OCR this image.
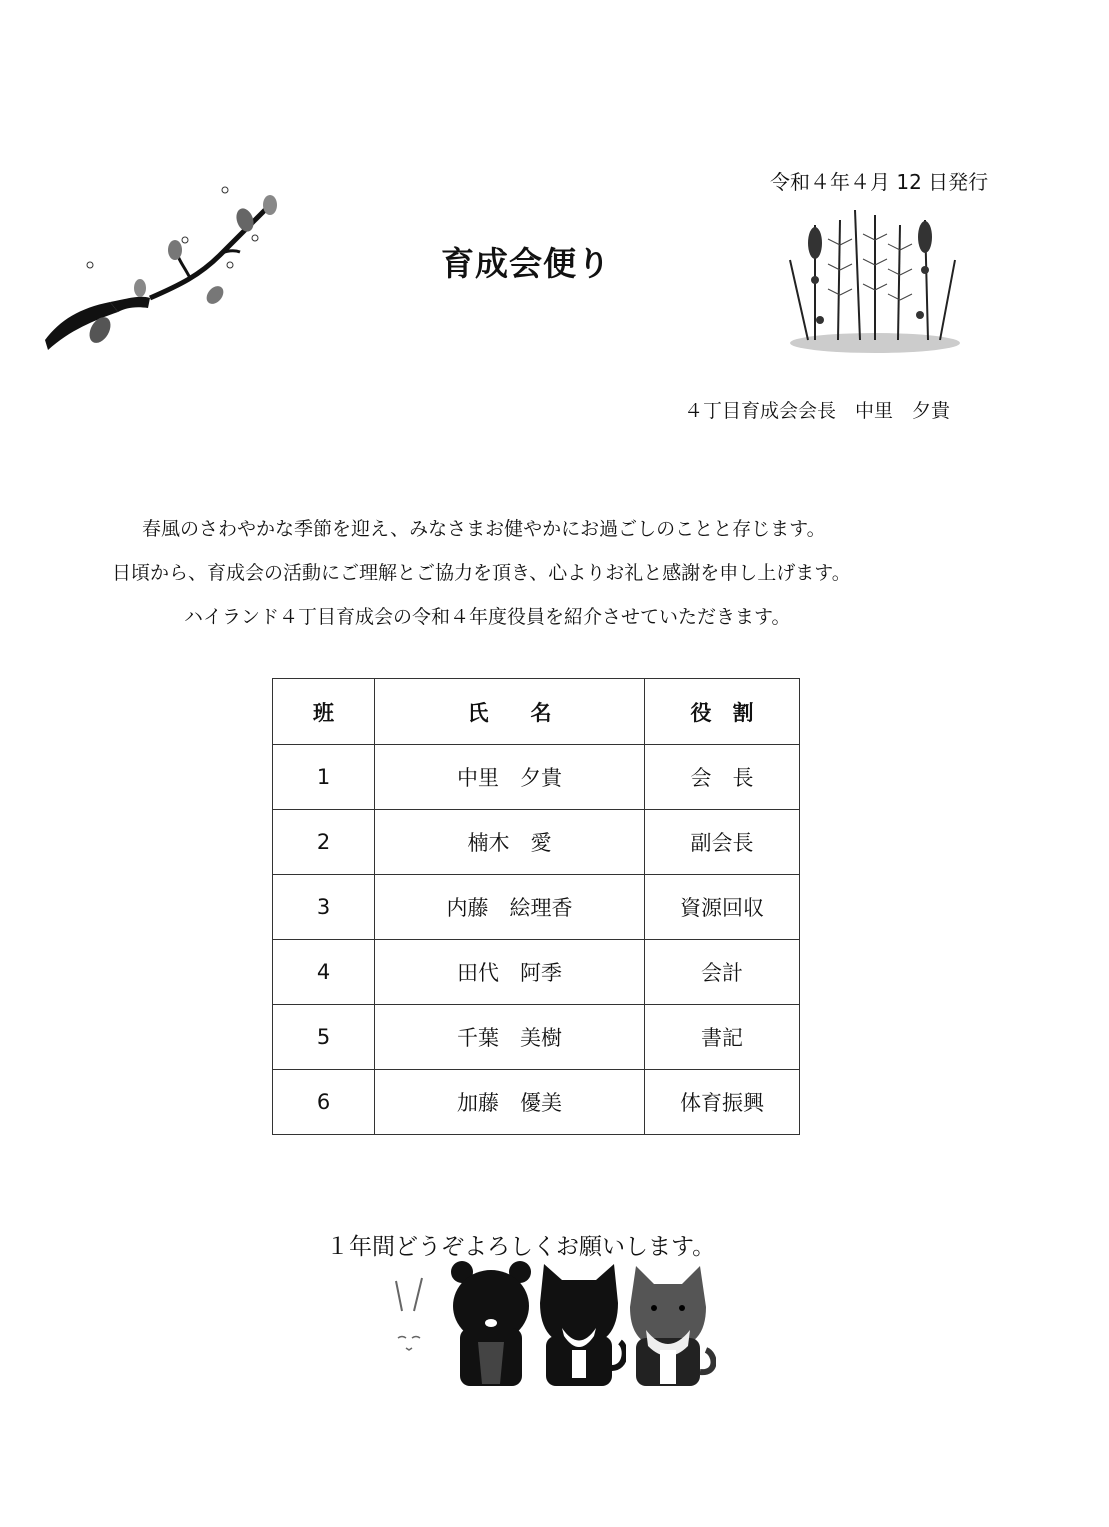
令和４年４月 12 日発行
育成会便り
４丁目育成会会長　中里　夕貴
春風のさわやかな季節を迎え、みなさまお健やかにお過ごしのことと存じます。
日頃から、育成会の活動にご理解とご協力を頂き、心よりお礼と感謝を申し上げます。
ハイランド４丁目育成会の令和４年度役員を紹介させていただきます。
班	氏　　名	役　割
1	中里　夕貴	会　長
2	楠木　愛	副会長
3	内藤　絵理香	資源回収
4	田代　阿季	会計
5	千葉　美樹	書記
6	加藤　優美	体育振興
１年間どうぞよろしくお願いします。
